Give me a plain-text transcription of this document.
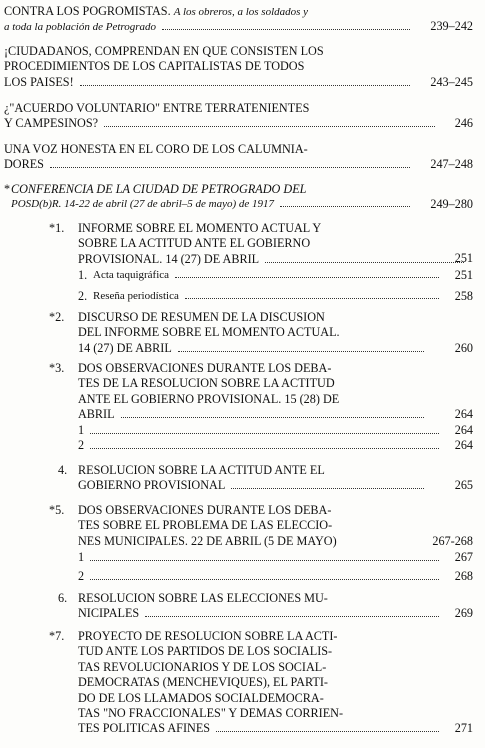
CONTRA LOS POGROMISTAS. A los obreros, a los soldados y
a toda la población de Petrogrado	239–242
¡CIUDADANOS, COMPRENDAN EN QUE CONSISTEN LOS
PROCEDIMIENTOS DE LOS CAPITALISTAS DE TODOS
LOS PAISES!	243–245
¿"ACUERDO VOLUNTARIO" ENTRE TERRATENIENTES
Y CAMPESINOS?	246
UNA VOZ HONESTA EN EL CORO DE LOS CALUMNIA-
DORES	247–248
* CONFERENCIA DE LA CIUDAD DE PETROGRADO DEL
POSD(b)R. 14-22 de abril (27 de abril–5 de mayo) de 1917	249–280
*1. INFORME SOBRE EL MOMENTO ACTUAL Y
SOBRE LA ACTITUD ANTE EL GOBIERNO
PROVISIONAL. 14 (27) DE ABRIL	251
1. Acta taquigráfica	251
2. Reseña periodística	258
*2. DISCURSO DE RESUMEN DE LA DISCUSION
DEL INFORME SOBRE EL MOMENTO ACTUAL.
14 (27) DE ABRIL	260
*3. DOS OBSERVACIONES DURANTE LOS DEBA-
TES DE LA RESOLUCION SOBRE LA ACTITUD
ANTE EL GOBIERNO PROVISIONAL. 15 (28) DE
ABRIL	264
1	264
2	264
4. RESOLUCION SOBRE LA ACTITUD ANTE EL
GOBIERNO PROVISIONAL	265
*5. DOS OBSERVACIONES DURANTE LOS DEBA-
TES SOBRE EL PROBLEMA DE LAS ELECCIO-
NES MUNICIPALES. 22 DE ABRIL (5 DE MAYO)	267-268
1	267
2	268
6. RESOLUCION SOBRE LAS ELECCIONES MU-
NICIPALES	269
*7. PROYECTO DE RESOLUCION SOBRE LA ACTI-
TUD ANTE LOS PARTIDOS DE LOS SOCIALIS-
TAS REVOLUCIONARIOS Y DE LOS SOCIAL-
DEMOCRATAS (MENCHEVIQUES), EL PARTI-
DO DE LOS LLAMADOS SOCIALDEMOCRA-
TAS "NO FRACCIONALES" Y DEMAS CORRIEN-
TES POLITICAS AFINES	271
